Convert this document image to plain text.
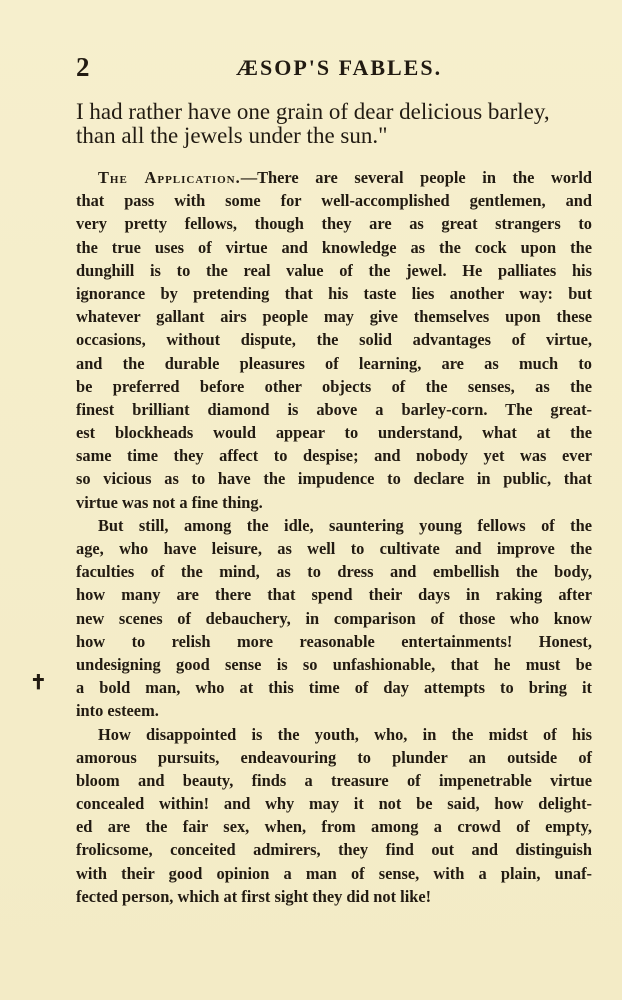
2	ÆSOP'S FABLES.
I had rather have one grain of dear delicious barley,
than all the jewels under the sun."
The Application.—There are several people in the world
that pass with some for well-accomplished gentlemen, and
very pretty fellows, though they are as great strangers to
the true uses of virtue and knowledge as the cock upon the
dunghill is to the real value of the jewel. He palliates his
ignorance by pretending that his taste lies another way: but
whatever gallant airs people may give themselves upon these
occasions, without dispute, the solid advantages of virtue,
and the durable pleasures of learning, are as much to
be preferred before other objects of the senses, as the
finest brilliant diamond is above a barley-corn. The great-
est blockheads would appear to understand, what at the
same time they affect to despise; and nobody yet was ever
so vicious as to have the impudence to declare in public, that
virtue was not a fine thing.
But still, among the idle, sauntering young fellows of the
age, who have leisure, as well to cultivate and improve the
faculties of the mind, as to dress and embellish the body,
how many are there that spend their days in raking after
new scenes of debauchery, in comparison of those who know
how to relish more reasonable entertainments! Honest,
undesigning good sense is so unfashionable, that he must be
a bold man, who at this time of day attempts to bring it
into esteem.
How disappointed is the youth, who, in the midst of his
amorous pursuits, endeavouring to plunder an outside of
bloom and beauty, finds a treasure of impenetrable virtue
concealed within! and why may it not be said, how delight-
ed are the fair sex, when, from among a crowd of empty,
frolicsome, conceited admirers, they find out and distinguish
with their good opinion a man of sense, with a plain, unaf-
fected person, which at first sight they did not like!
✝
